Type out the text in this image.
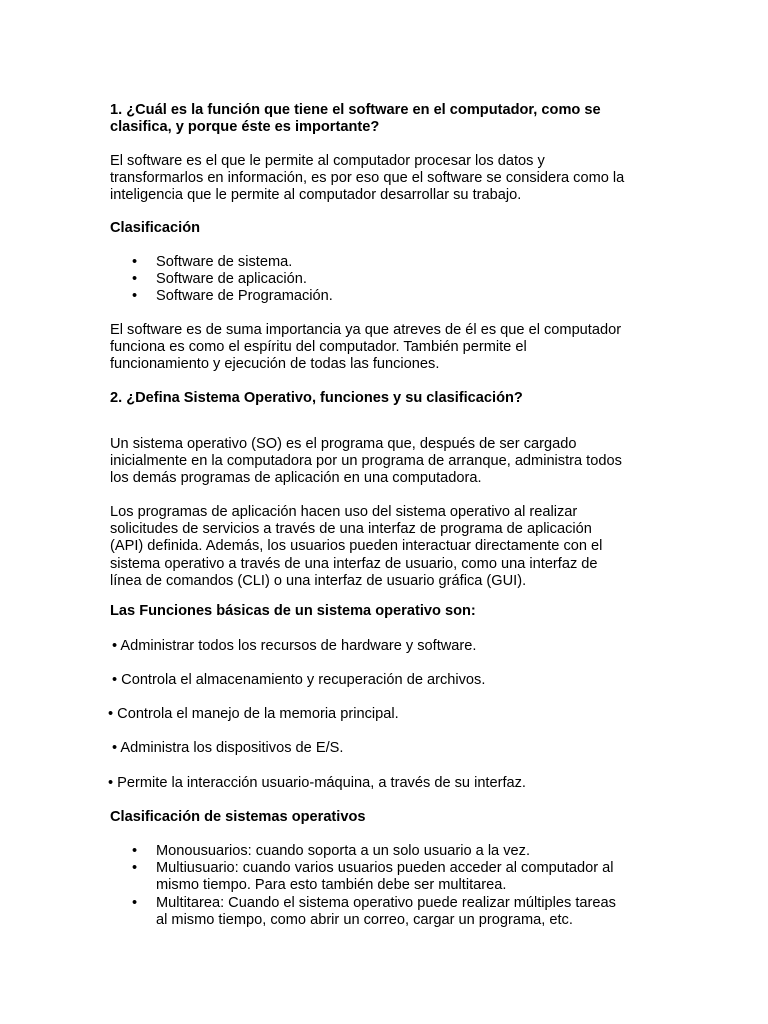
1. ¿Cuál es la función que tiene el software en el computador, como se
clasifica, y porque éste es importante?
El software es el que le permite al computador procesar los datos y
transformarlos en información, es por eso que el software se considera como la
inteligencia que le permite al computador desarrollar su trabajo.
Clasificación
• Software de sistema.
• Software de aplicación.
• Software de Programación.
El software es de suma importancia ya que atreves de él es que el computador
funciona es como el espíritu del computador. También permite el
funcionamiento y ejecución de todas las funciones.
2. ¿Defina Sistema Operativo, funciones y su clasificación?
Un sistema operativo (SO) es el programa que, después de ser cargado
inicialmente en la computadora por un programa de arranque, administra todos
los demás programas de aplicación en una computadora.
Los programas de aplicación hacen uso del sistema operativo al realizar
solicitudes de servicios a través de una interfaz de programa de aplicación
(API) definida. Además, los usuarios pueden interactuar directamente con el
sistema operativo a través de una interfaz de usuario, como una interfaz de
línea de comandos (CLI) o una interfaz de usuario gráfica (GUI).
Las Funciones básicas de un sistema operativo son:
• Administrar todos los recursos de hardware y software.
• Controla el almacenamiento y recuperación de archivos.
• Controla el manejo de la memoria principal.
• Administra los dispositivos de E/S.
• Permite la interacción usuario-máquina, a través de su interfaz.
Clasificación de sistemas operativos
• Monousuarios: cuando soporta a un solo usuario a la vez.
• Multiusuario: cuando varios usuarios pueden acceder al computador al
mismo tiempo. Para esto también debe ser multitarea.
• Multitarea: Cuando el sistema operativo puede realizar múltiples tareas
al mismo tiempo, como abrir un correo, cargar un programa, etc.
